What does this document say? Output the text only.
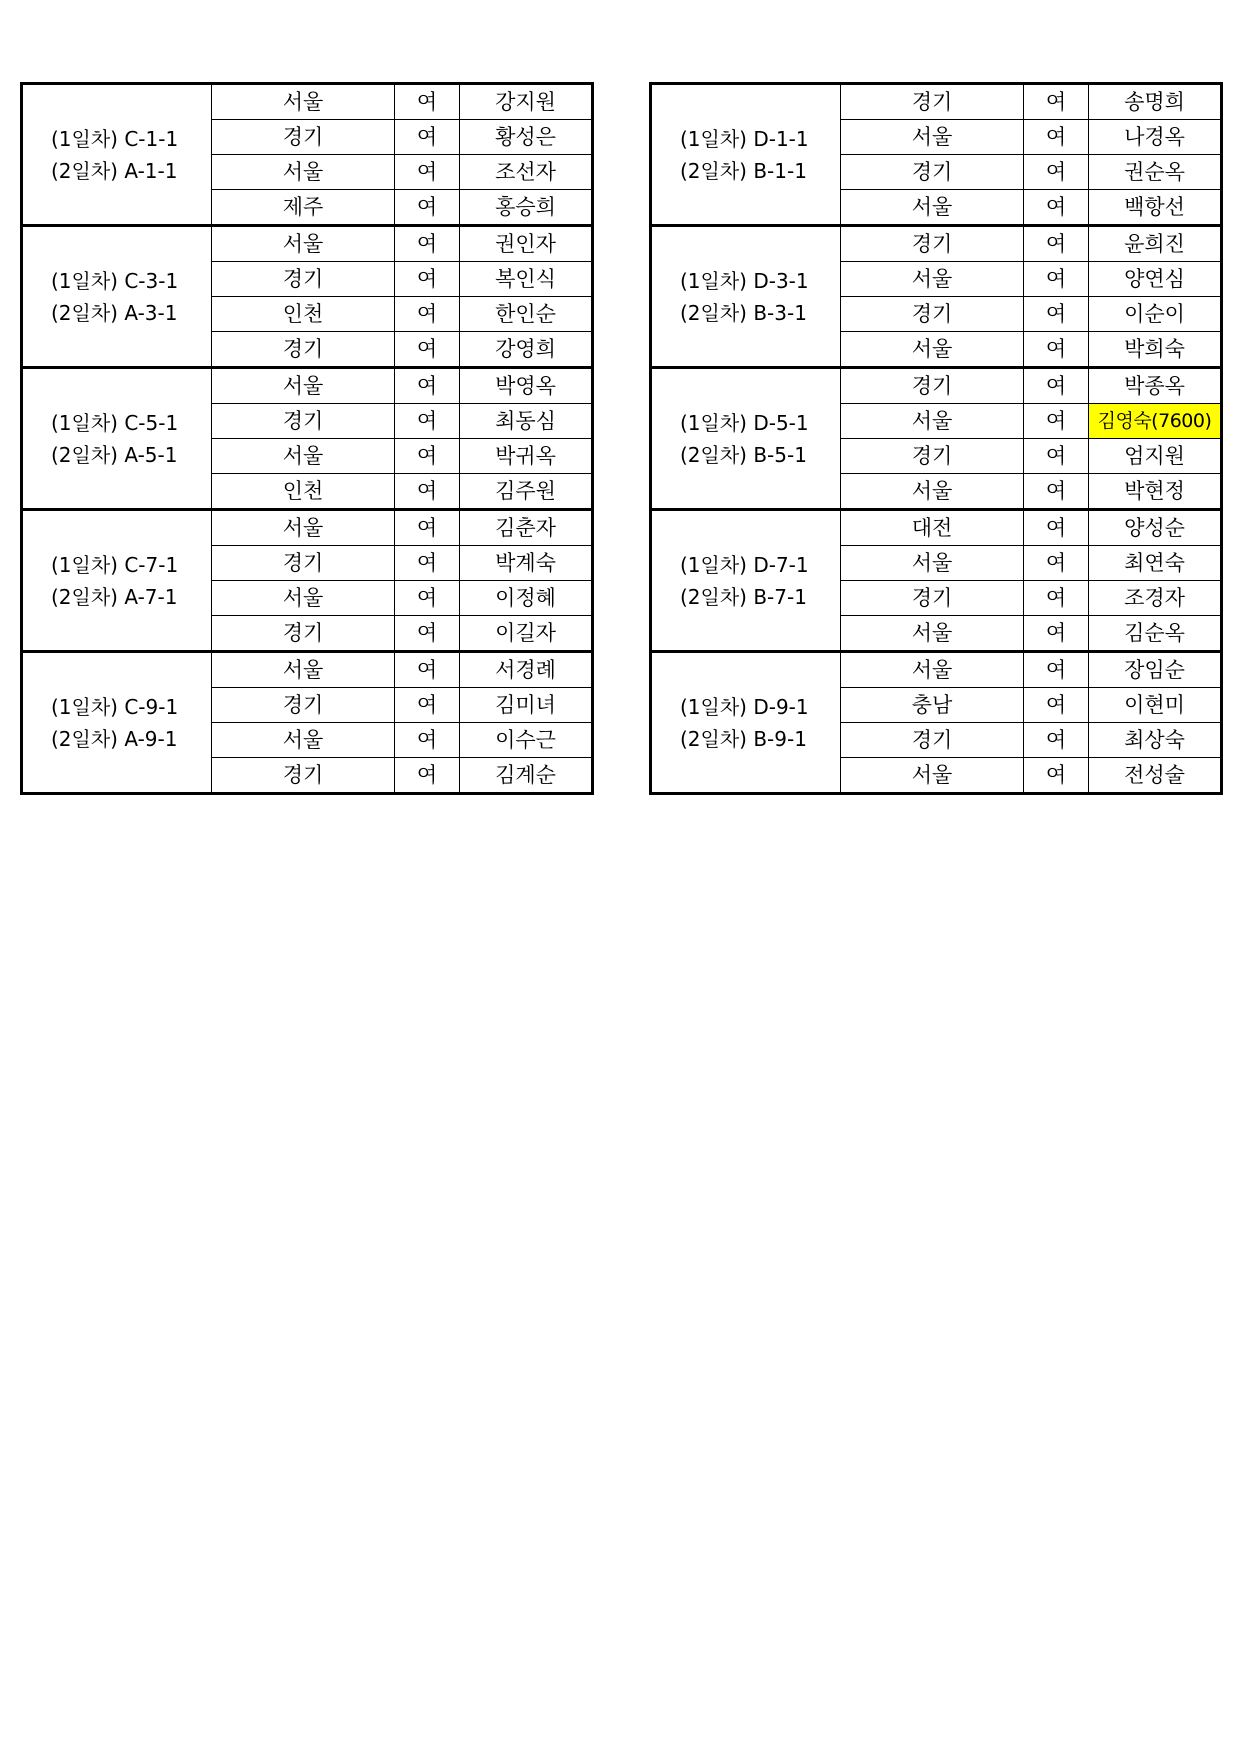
(1일차) C-1-1
(2일차) A-1-1	서울	여	강지원
	경기	여	황성은
	서울	여	조선자
	제주	여	홍승희

(1일차) C-3-1
(2일차) A-3-1	서울	여	권인자
	경기	여	복인식
	인천	여	한인순
	경기	여	강영희

(1일차) C-5-1
(2일차) A-5-1	서울	여	박영옥
	경기	여	최동심
	서울	여	박귀옥
	인천	여	김주원

(1일차) C-7-1
(2일차) A-7-1	서울	여	김춘자
	경기	여	박계숙
	서울	여	이정혜
	경기	여	이길자

(1일차) C-9-1
(2일차) A-9-1	서울	여	서경례
	경기	여	김미녀
	서울	여	이수근
	경기	여	김계순
(1일차) D-1-1
(2일차) B-1-1	경기	여	송명희
	서울	여	나경옥
	경기	여	권순옥
	서울	여	백항선

(1일차) D-3-1
(2일차) B-3-1	경기	여	윤희진
	서울	여	양연심
	경기	여	이순이
	서울	여	박희숙

(1일차) D-5-1
(2일차) B-5-1	경기	여	박종옥
	서울	여	김영숙(7600)
	경기	여	엄지원
	서울	여	박현정

(1일차) D-7-1
(2일차) B-7-1	대전	여	양성순
	서울	여	최연숙
	경기	여	조경자
	서울	여	김순옥

(1일차) D-9-1
(2일차) B-9-1	서울	여	장임순
	충남	여	이현미
	경기	여	최상숙
	서울	여	전성술
